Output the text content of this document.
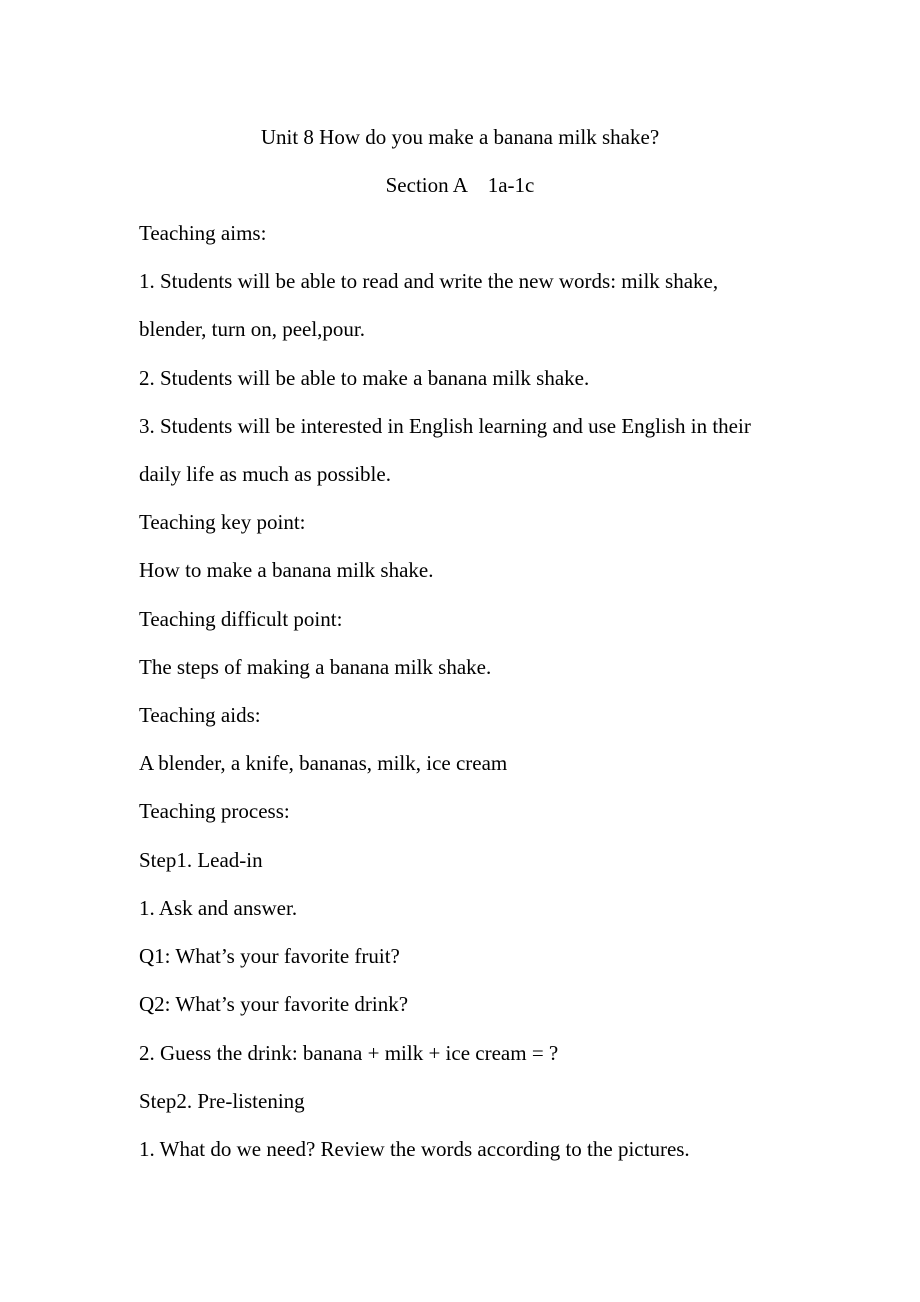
Unit 8 How do you make a banana milk shake?
Section A    1a-1c
Teaching aims:
1. Students will be able to read and write the new words: milk shake,
blender, turn on, peel,pour.
2. Students will be able to make a banana milk shake.
3. Students will be interested in English learning and use English in their
daily life as much as possible.
Teaching key point:
How to make a banana milk shake.
Teaching difficult point:
The steps of making a banana milk shake.
Teaching aids:
A blender, a knife, bananas, milk, ice cream
Teaching process:
Step1. Lead-in
1. Ask and answer.
Q1: What’s your favorite fruit?
Q2: What’s your favorite drink?
2. Guess the drink: banana + milk + ice cream = ?
Step2. Pre-listening
1. What do we need? Review the words according to the pictures.
